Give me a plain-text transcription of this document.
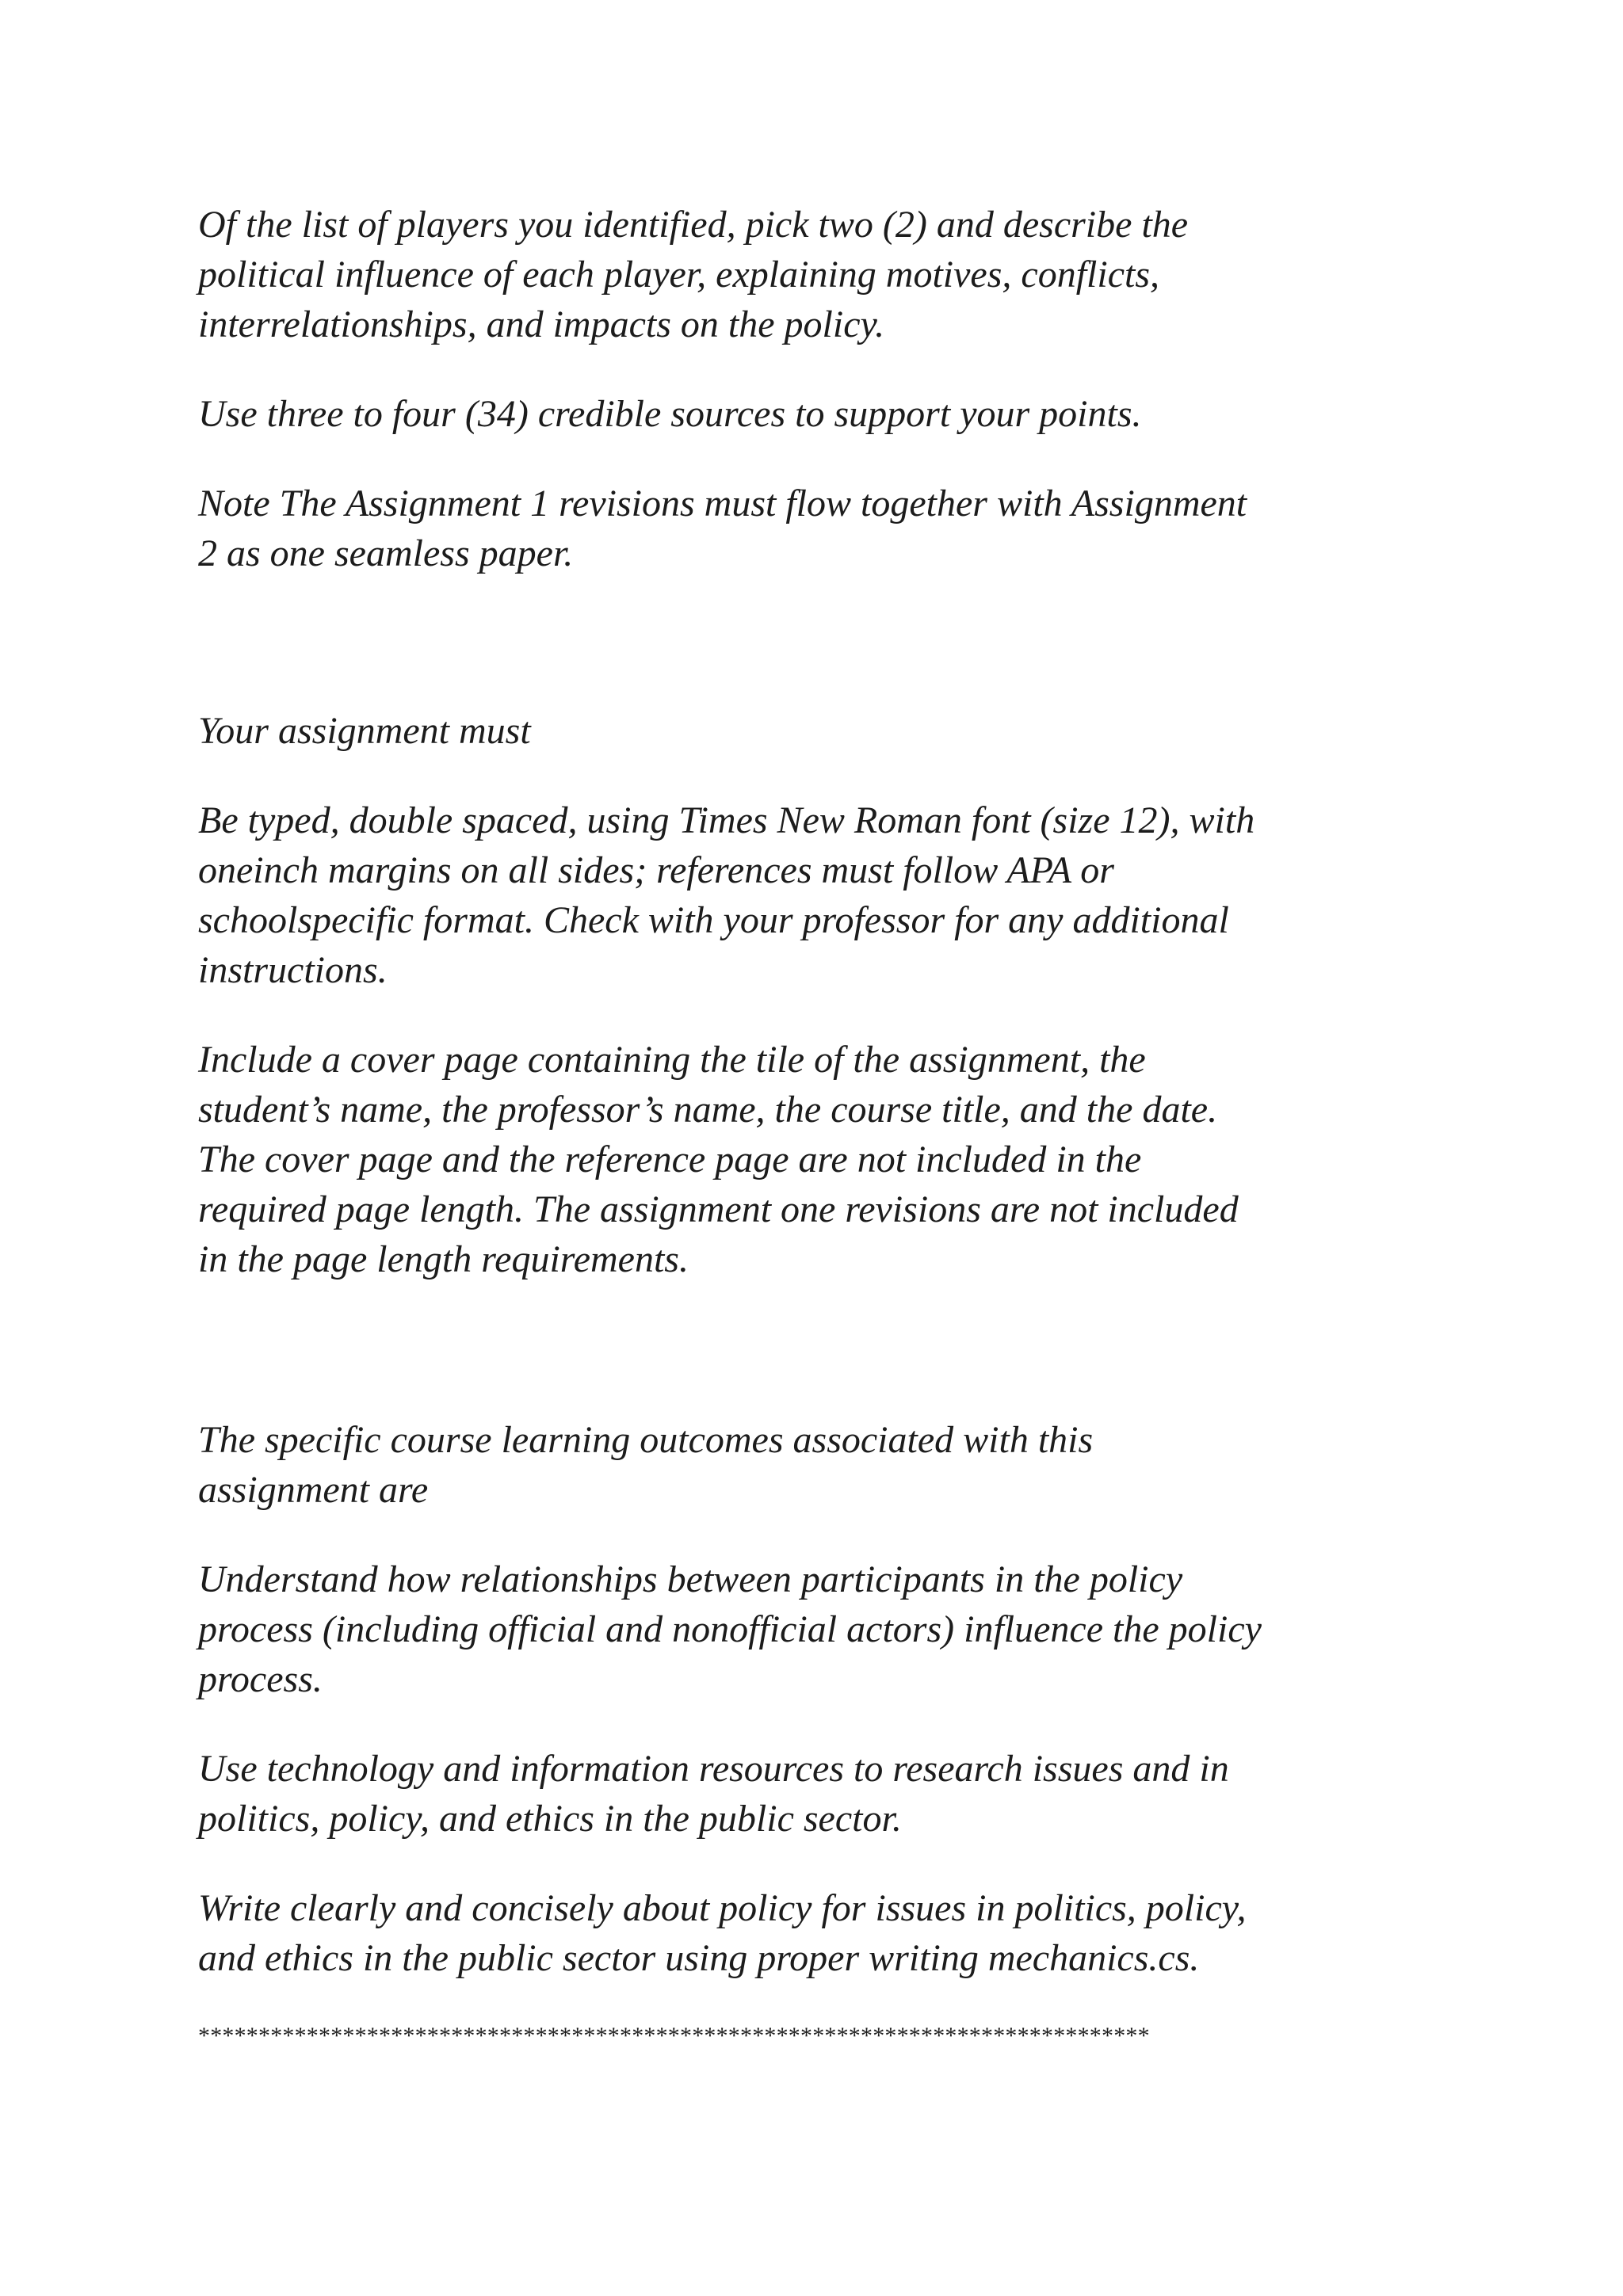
Of the list of players you identified, pick two (2) and describe the
political influence of each player, explaining motives, conflicts,
interrelationships, and impacts on the policy.

Use three to four (34) credible sources to support your points.

Note The Assignment 1 revisions must flow together with Assignment
2 as one seamless paper.

Your assignment must

Be typed, double spaced, using Times New Roman font (size 12), with
oneinch margins on all sides; references must follow APA or
schoolspecific format. Check with your professor for any additional
instructions.

Include a cover page containing the tile of the assignment, the
student’s name, the professor’s name, the course title, and the date.
The cover page and the reference page are not included in the
required page length. The assignment one revisions are not included
in the page length requirements.

The specific course learning outcomes associated with this
assignment are

Understand how relationships between participants in the policy
process (including official and nonofficial actors) influence the policy
process.

Use technology and information resources to research issues and in
politics, policy, and ethics in the public sector.

Write clearly and concisely about policy for issues in politics, policy,
and ethics in the public sector using proper writing mechanics.cs.

*******************************************************************************
